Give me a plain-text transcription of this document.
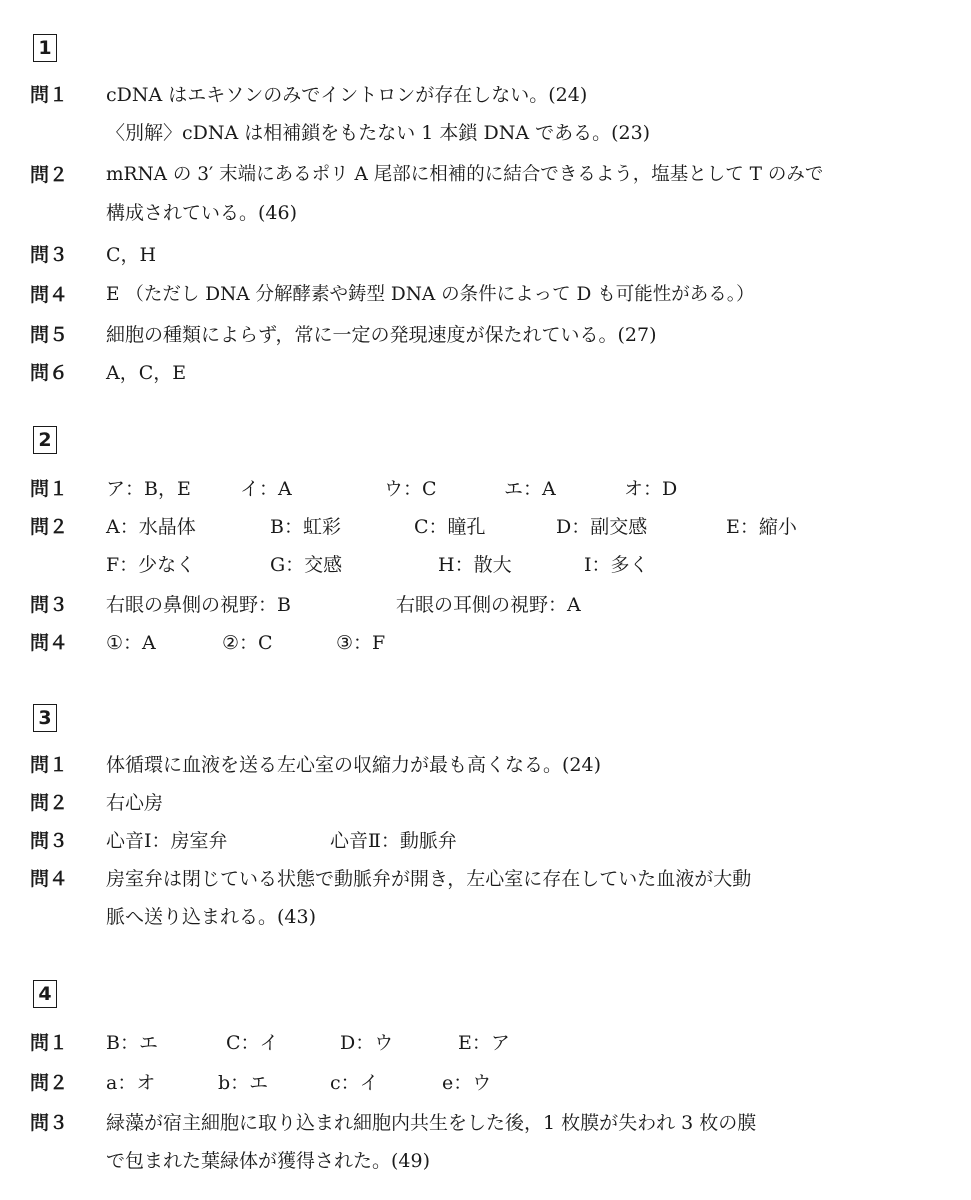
1
問１ cDNA はエキソンのみでイントロンが存在しない。(24)
〈別解〉cDNA は相補鎖をもたない 1 本鎖 DNA である。(23)
問２ mRNA の 3′ 末端にあるポリ A 尾部に相補的に結合できるよう，塩基として T のみで
構成されている。(46)
問３ C，H
問４ E （ただし DNA 分解酵素や鋳型 DNA の条件によって D も可能性がある。）
問５ 細胞の種類によらず，常に一定の発現速度が保たれている。(27)
問６ A，C，E
2
問１ ア：B，E	イ：A	ウ：C	エ：A	オ：D
問２ A：水晶体	B：虹彩	C：瞳孔	D：副交感	E：縮小
F：少なく	G：交感	H：散大	I：多く
問３ 右眼の鼻側の視野：B	右眼の耳側の視野：A
問４ ①：A	②：C	③：F
3
問１ 体循環に血液を送る左心室の収縮力が最も高くなる。(24)
問２ 右心房
問３ 心音Ⅰ：房室弁	心音Ⅱ：動脈弁
問４ 房室弁は閉じている状態で動脈弁が開き，左心室に存在していた血液が大動
脈へ送り込まれる。(43)
4
問１ B：エ	C：イ	D：ウ	E：ア
問２ a：オ	b：エ	c：イ	e：ウ
問３ 緑藻が宿主細胞に取り込まれ細胞内共生をした後，1 枚膜が失われ 3 枚の膜
で包まれた葉緑体が獲得された。(49)
